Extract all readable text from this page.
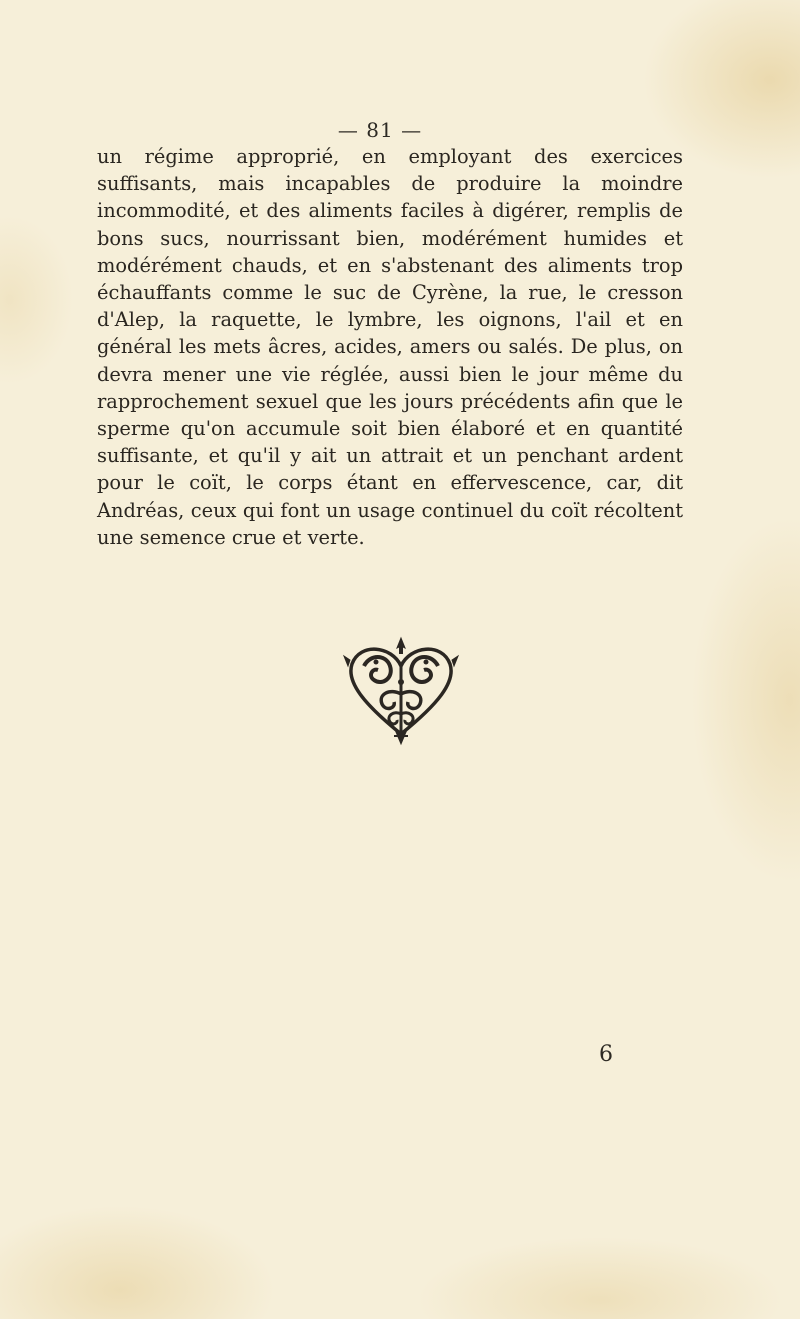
— 81 —

un régime approprié, en employant des exercices suffisants, mais incapables de produire la moindre incommodité, et des aliments faciles à digérer, remplis de bons sucs, nourrissant bien, modérément humides et modérément chauds, et en s'abstenant des aliments trop échauffants comme le suc de Cyrène, la rue, le cresson d'Alep, la raquette, le lymbre, les oignons, l'ail et en général les mets âcres, acides, amers ou salés. De plus, on devra mener une vie réglée, aussi bien le jour même du rapprochement sexuel que les jours précédents afin que le sperme qu'on accumule soit bien élaboré et en quantité suffisante, et qu'il y ait un attrait et un penchant ardent pour le coït, le corps étant en effervescence, car, dit Andréas, ceux qui font un usage continuel du coït récoltent une semence crue et verte.

6
